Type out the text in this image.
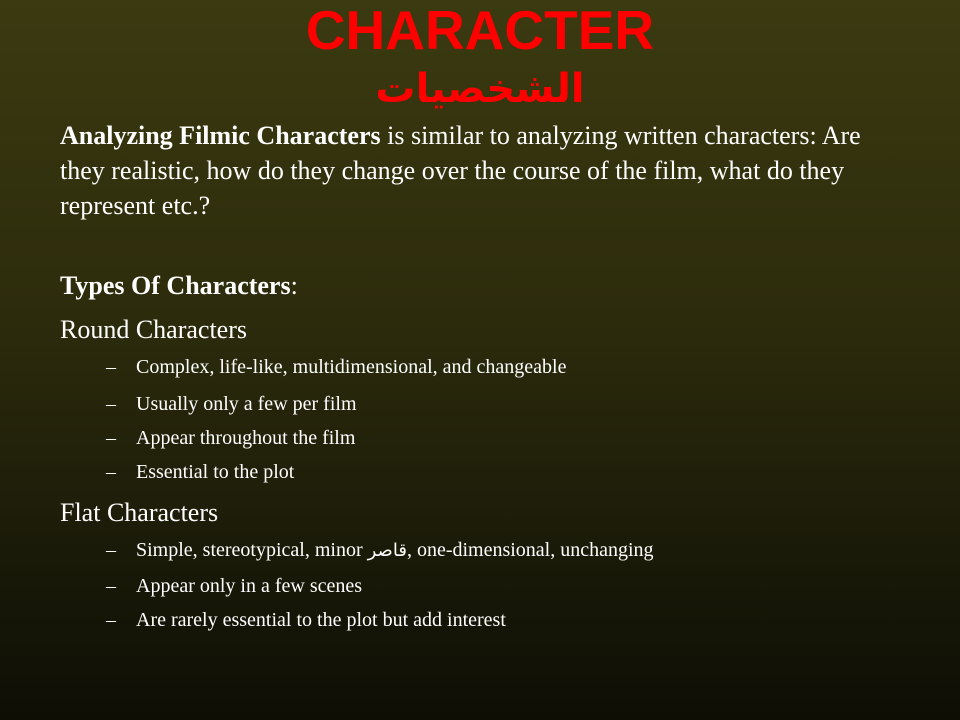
CHARACTER
الشخصيات
Analyzing Filmic Characters is similar to analyzing written characters: Are they realistic, how do they change over the course of the film, what do they represent etc.?
Types Of Characters:
Round Characters
– Complex, life-like, multidimensional, and changeable
– Usually only a few per film
– Appear throughout the film
– Essential to the plot
Flat Characters
– Simple, stereotypical, minor قاصر, one-dimensional, unchanging
– Appear only in a few scenes
– Are rarely essential to the plot but add interest
